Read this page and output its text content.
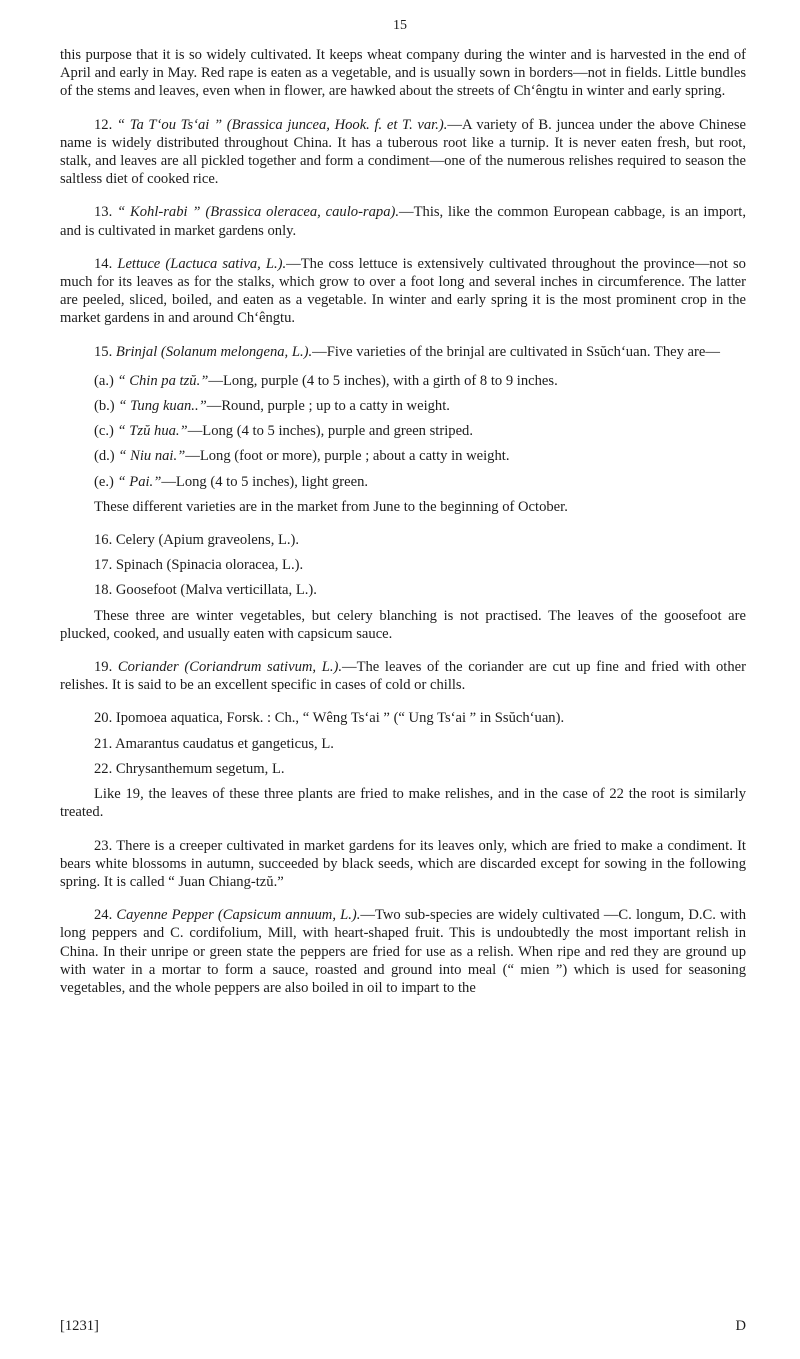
15

this purpose that it is so widely cultivated. It keeps wheat company during the winter and is harvested in the end of April and early in May. Red rape is eaten as a vegetable, and is usually sown in borders—not in fields. Little bundles of the stems and leaves, even when in flower, are hawked about the streets of Ch‘êngtu in winter and early spring.

12. “ Ta T‘ou Ts‘ai ” (Brassica juncea, Hook. f. et T. var.).—A variety of B. juncea under the above Chinese name is widely distributed throughout China. It has a tuberous root like a turnip. It is never eaten fresh, but root, stalk, and leaves are all pickled together and form a condiment—one of the numerous relishes required to season the saltless diet of cooked rice.

13. “ Kohl-rabi ” (Brassica oleracea, caulo-rapa).—This, like the common European cabbage, is an import, and is cultivated in market gardens only.

14. Lettuce (Lactuca sativa, L.).—The coss lettuce is extensively cultivated throughout the province—not so much for its leaves as for the stalks, which grow to over a foot long and several inches in circumference. The latter are peeled, sliced, boiled, and eaten as a vegetable. In winter and early spring it is the most prominent crop in the market gardens in and around Ch‘êngtu.

15. Brinjal (Solanum melongena, L.).—Five varieties of the brinjal are cultivated in Ssŭch‘uan. They are—

(a.) “ Chin pa tzŭ.”—Long, purple (4 to 5 inches), with a girth of 8 to 9 inches.

(b.) “ Tung kuan..”—Round, purple ; up to a catty in weight.

(c.) “ Tzŭ hua.”—Long (4 to 5 inches), purple and green striped.

(d.) “ Niu nai.”—Long (foot or more), purple ; about a catty in weight.

(e.) “ Pai.”—Long (4 to 5 inches), light green.

These different varieties are in the market from June to the beginning of October.

16. Celery (Apium graveolens, L.).

17. Spinach (Spinacia oloracea, L.).

18. Goosefoot (Malva verticillata, L.).

These three are winter vegetables, but celery blanching is not practised. The leaves of the goosefoot are plucked, cooked, and usually eaten with capsicum sauce.

19. Coriander (Coriandrum sativum, L.).—The leaves of the coriander are cut up fine and fried with other relishes. It is said to be an excellent specific in cases of cold or chills.

20. Ipomoea aquatica, Forsk. : Ch., “ Wêng Ts‘ai ” (“ Ung Ts‘ai ” in Ssŭch‘uan).

21. Amarantus caudatus et gangeticus, L.

22. Chrysanthemum segetum, L.

Like 19, the leaves of these three plants are fried to make relishes, and in the case of 22 the root is similarly treated.

23. There is a creeper cultivated in market gardens for its leaves only, which are fried to make a condiment. It bears white blossoms in autumn, succeeded by black seeds, which are discarded except for sowing in the following spring. It is called “ Juan Chiang-tzŭ.”

24. Cayenne Pepper (Capsicum annuum, L.).—Two sub-species are widely cultivated —C. longum, D.C. with long peppers and C. cordifolium, Mill, with heart-shaped fruit. This is undoubtedly the most important relish in China. In their unripe or green state the peppers are fried for use as a relish. When ripe and red they are ground up with water in a mortar to form a sauce, roasted and ground into meal (“ mien ”) which is used for seasoning vegetables, and the whole peppers are also boiled in oil to impart to the

[1231]	D
